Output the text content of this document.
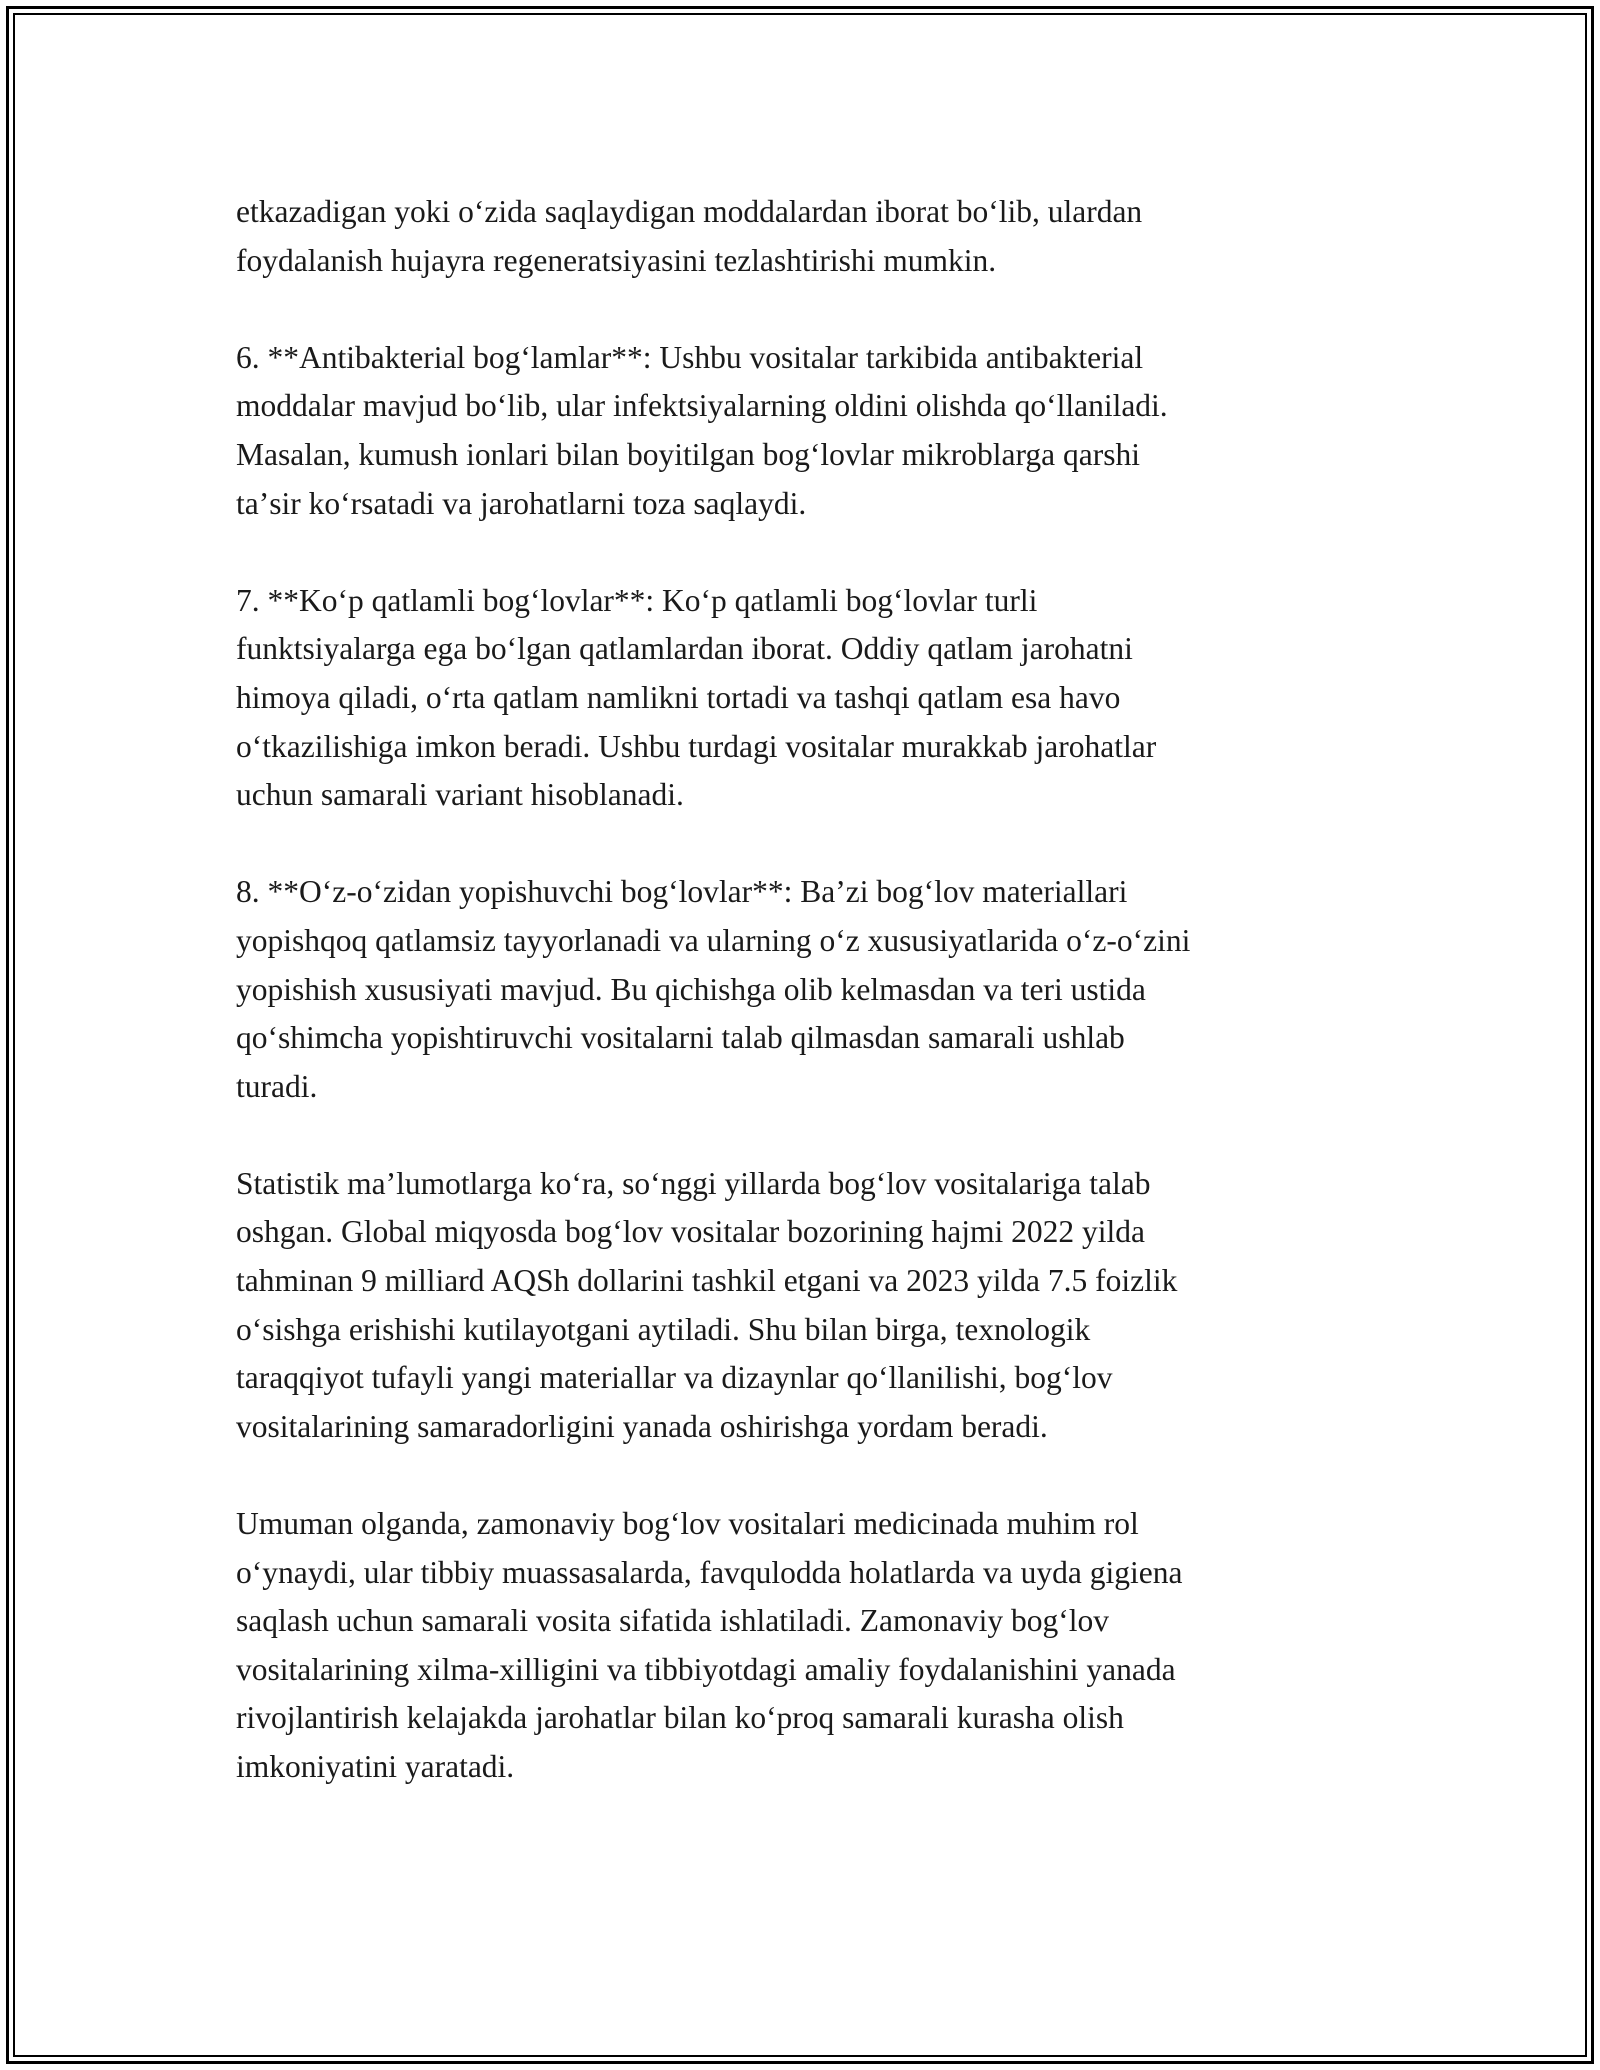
etkazadigan yoki oʻzida saqlaydigan moddalardan iborat boʻlib, ulardan
foydalanish hujayra regeneratsiyasini tezlashtirishi mumkin.

6. **Antibakterial bogʻlamlar**: Ushbu vositalar tarkibida antibakterial
moddalar mavjud boʻlib, ular infektsiyalarning oldini olishda qoʻllaniladi.
Masalan, kumush ionlari bilan boyitilgan bogʻlovlar mikroblarga qarshi
taʼsir koʻrsatadi va jarohatlarni toza saqlaydi.

7. **Koʻp qatlamli bogʻlovlar**: Koʻp qatlamli bogʻlovlar turli
funktsiyalarga ega boʻlgan qatlamlardan iborat. Oddiy qatlam jarohatni
himoya qiladi, oʻrta qatlam namlikni tortadi va tashqi qatlam esa havo
oʻtkazilishiga imkon beradi. Ushbu turdagi vositalar murakkab jarohatlar
uchun samarali variant hisoblanadi.

8. **Oʻz-oʻzidan yopishuvchi bogʻlovlar**: Baʼzi bogʻlov materiallari
yopishqoq qatlamsiz tayyorlanadi va ularning oʻz xususiyatlarida oʻz-oʻzini
yopishish xususiyati mavjud. Bu qichishga olib kelmasdan va teri ustida
qoʻshimcha yopishtiruvchi vositalarni talab qilmasdan samarali ushlab
turadi.

Statistik maʼlumotlarga koʻra, soʻnggi yillarda bogʻlov vositalariga talab
oshgan. Global miqyosda bogʻlov vositalar bozorining hajmi 2022 yilda
tahminan 9 milliard AQSh dollarini tashkil etgani va 2023 yilda 7.5 foizlik
oʻsishga erishishi kutilayotgani aytiladi. Shu bilan birga, texnologik
taraqqiyot tufayli yangi materiallar va dizaynlar qoʻllanilishi, bogʻlov
vositalarining samaradorligini yanada oshirishga yordam beradi.

Umuman olganda, zamonaviy bogʻlov vositalari medicinada muhim rol
oʻynaydi, ular tibbiy muassasalarda, favqulodda holatlarda va uyda gigiena
saqlash uchun samarali vosita sifatida ishlatiladi. Zamonaviy bogʻlov
vositalarining xilma-xilligini va tibbiyotdagi amaliy foydalanishini yanada
rivojlantirish kelajakda jarohatlar bilan koʻproq samarali kurasha olish
imkoniyatini yaratadi.
